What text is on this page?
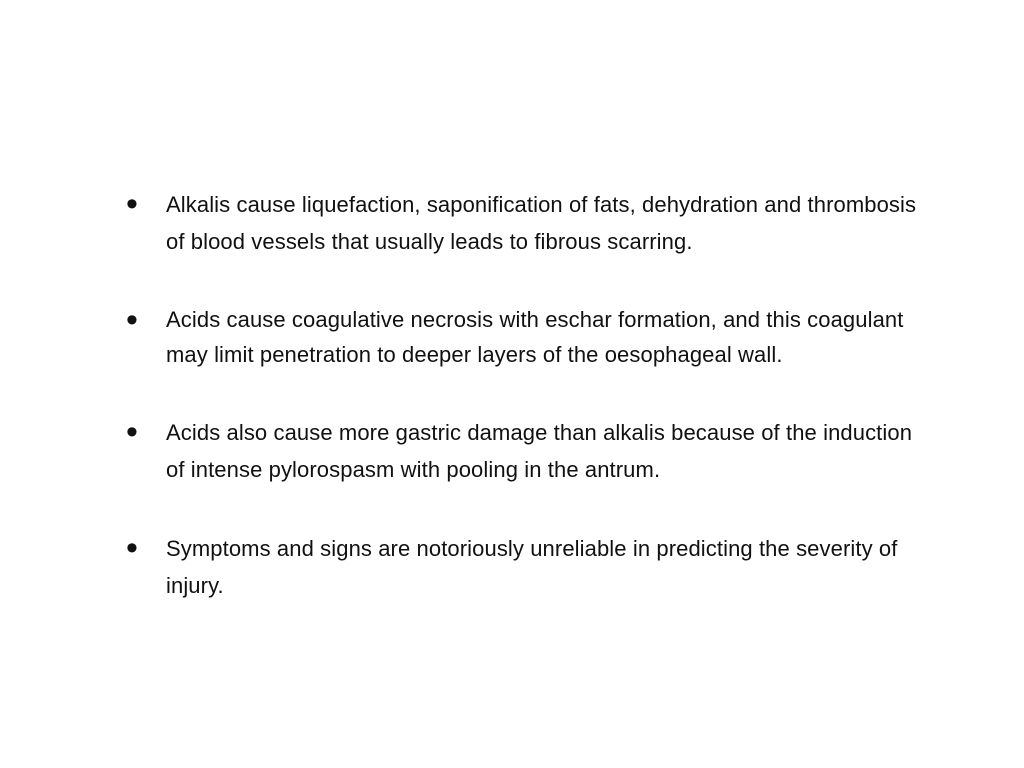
• Alkalis cause liquefaction, saponification of fats, dehydration and thrombosis of blood vessels that usually leads to fibrous scarring.
• Acids cause coagulative necrosis with eschar formation, and this coagulant may limit penetration to deeper layers of the oesophageal wall.
• Acids also cause more gastric damage than alkalis because of the induction of intense pylorospasm with pooling in the antrum.
• Symptoms and signs are notoriously unreliable in predicting the severity of injury.
